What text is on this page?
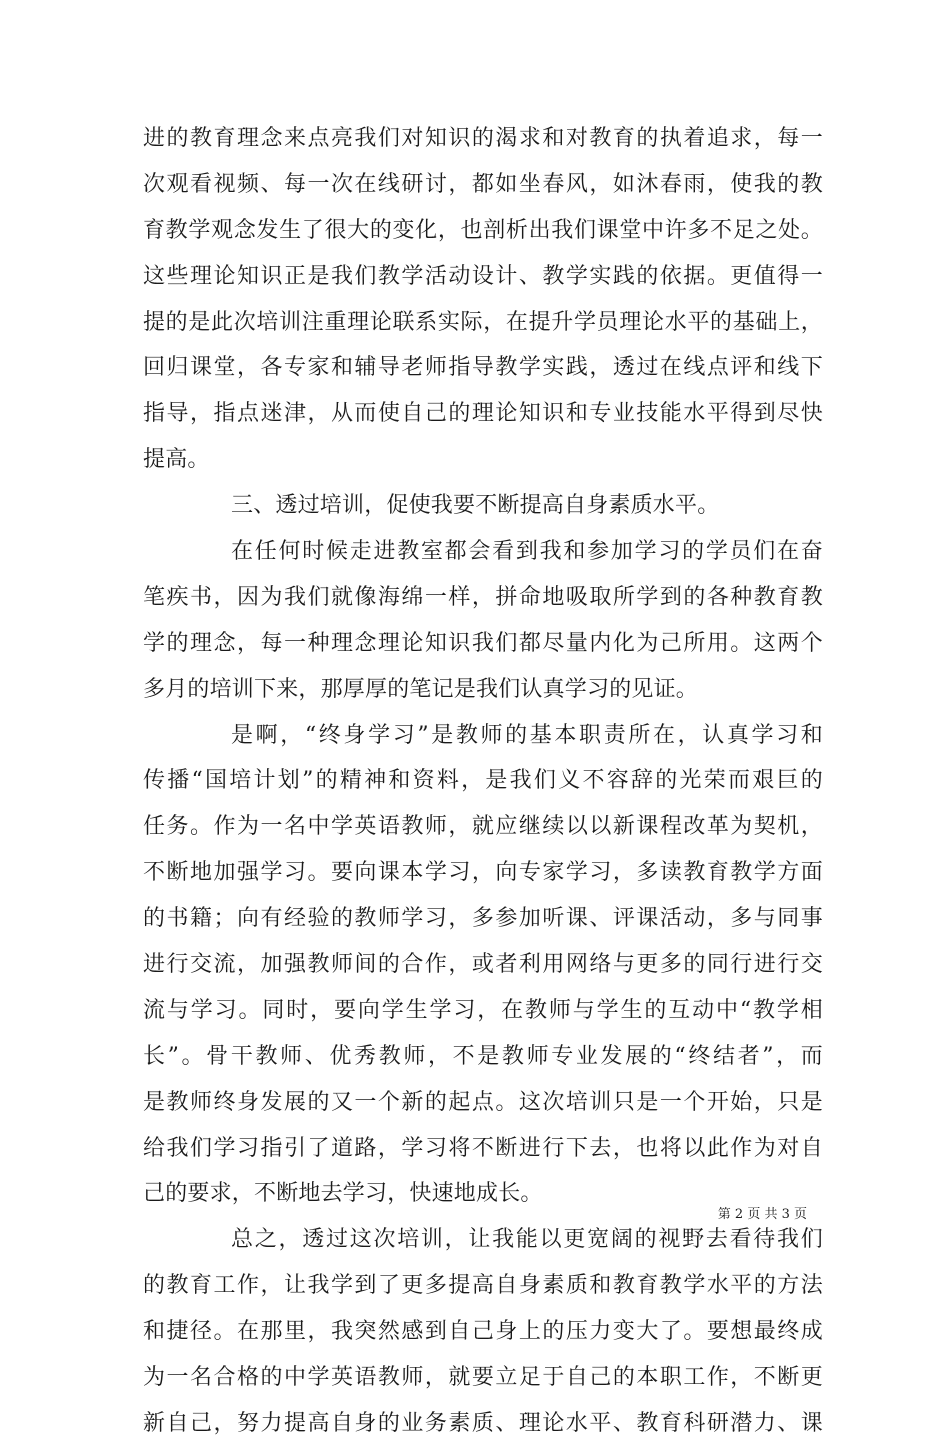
进的教育理念来点亮我们对知识的渴求和对教育的执着追求，每一
次观看视频、每一次在线研讨，都如坐春风，如沐春雨，使我的教
育教学观念发生了很大的变化，也剖析出我们课堂中许多不足之处。
这些理论知识正是我们教学活动设计、教学实践的依据。更值得一
提的是此次培训注重理论联系实际，在提升学员理论水平的基础上，
回归课堂，各专家和辅导老师指导教学实践，透过在线点评和线下
指导，指点迷津，从而使自己的理论知识和专业技能水平得到尽快
提高。
三、透过培训，促使我要不断提高自身素质水平。
在任何时候走进教室都会看到我和参加学习的学员们在奋
笔疾书，因为我们就像海绵一样，拼命地吸取所学到的各种教育教
学的理念，每一种理念理论知识我们都尽量内化为己所用。这两个
多月的培训下来，那厚厚的笔记是我们认真学习的见证。
是啊，“终身学习”是教师的基本职责所在，认真学习和
传播“国培计划”的精神和资料，是我们义不容辞的光荣而艰巨的
任务。作为一名中学英语教师，就应继续以以新课程改革为契机，
不断地加强学习。要向课本学习，向专家学习，多读教育教学方面
的书籍；向有经验的教师学习，多参加听课、评课活动，多与同事
进行交流，加强教师间的合作，或者利用网络与更多的同行进行交
流与学习。同时，要向学生学习，在教师与学生的互动中“教学相
长”。骨干教师、优秀教师，不是教师专业发展的“终结者”，而
是教师终身发展的又一个新的起点。这次培训只是一个开始，只是
给我们学习指引了道路，学习将不断进行下去，也将以此作为对自
己的要求，不断地去学习，快速地成长。
总之，透过这次培训，让我能以更宽阔的视野去看待我们
的教育工作，让我学到了更多提高自身素质和教育教学水平的方法
和捷径。在那里，我突然感到自己身上的压力变大了。要想最终成
为一名合格的中学英语教师，就要立足于自己的本职工作，不断更
新自己，努力提高自身的业务素质、理论水平、教育科研潜力、课
第 2 页 共 3 页
